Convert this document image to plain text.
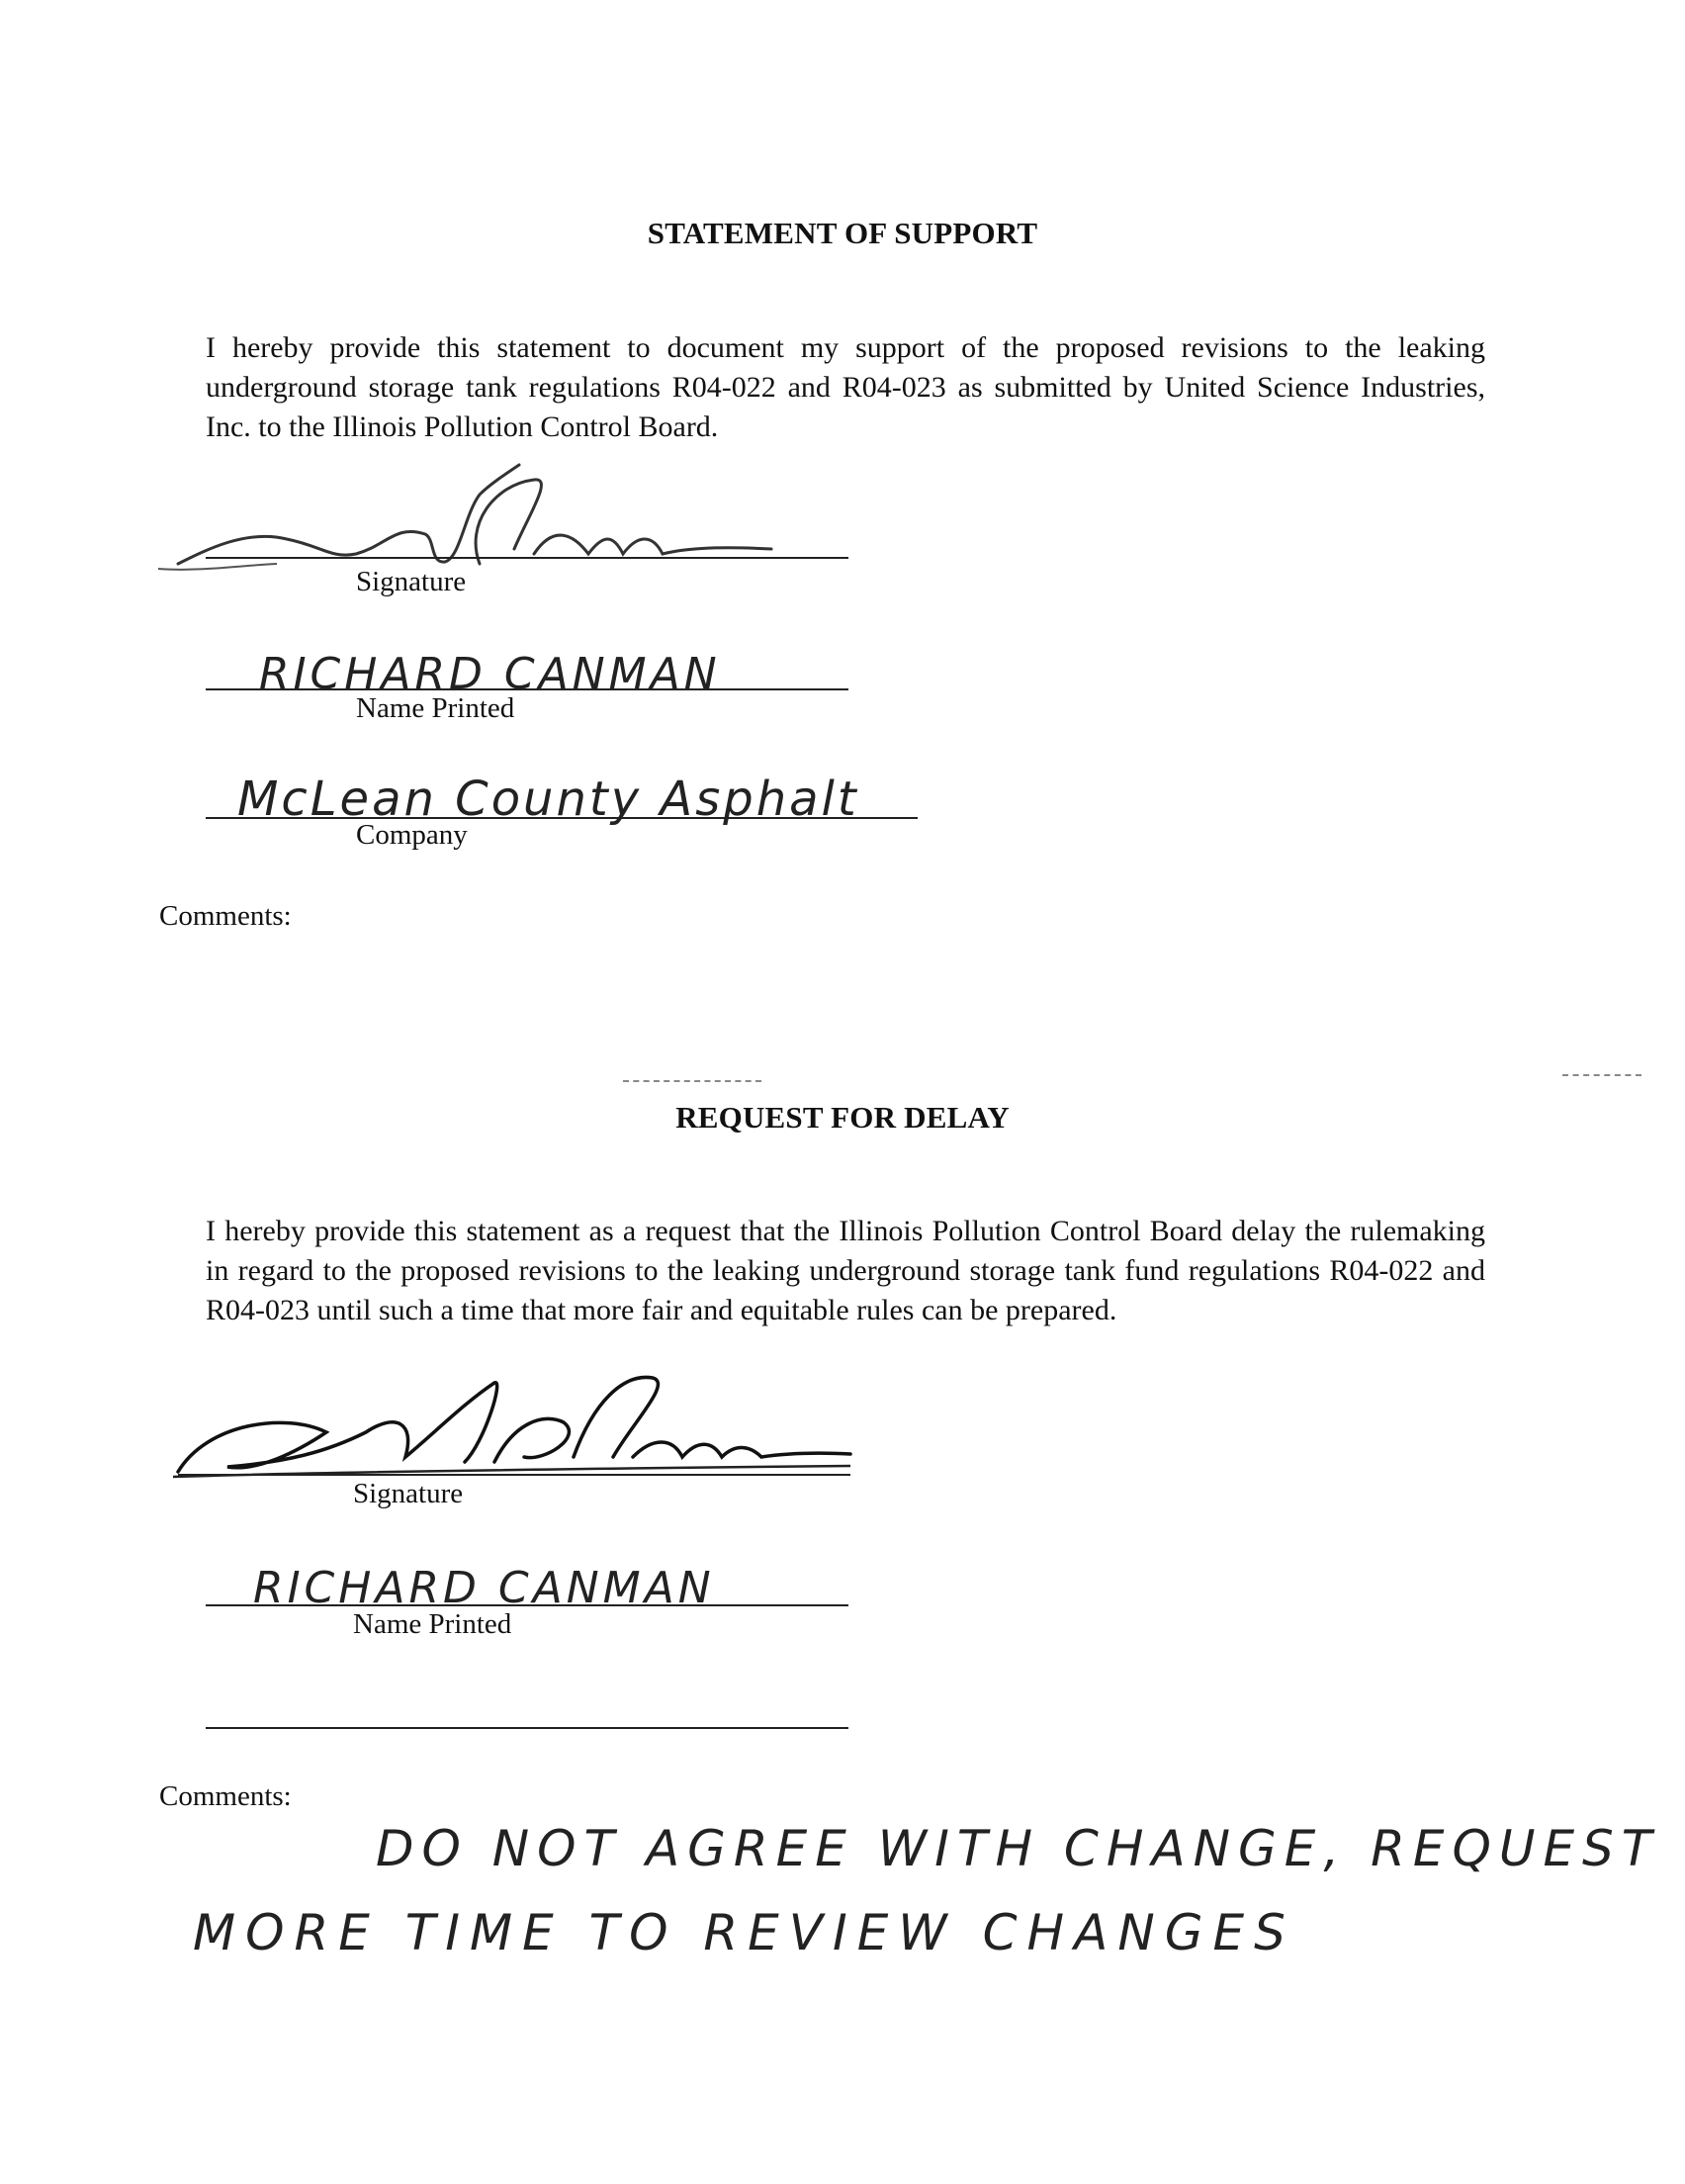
STATEMENT OF SUPPORT
I hereby provide this statement to document my support of the proposed revisions to the leaking underground storage tank regulations R04-022 and R04-023 as submitted by United Science Industries, Inc. to the Illinois Pollution Control Board.
Signature
RICHARD CANMAN
Name Printed
McLean County Asphalt
Company
Comments:
REQUEST FOR DELAY
I hereby provide this statement as a request that the Illinois Pollution Control Board delay the rulemaking in regard to the proposed revisions to the leaking underground storage tank fund regulations R04-022 and R04-023 until such a time that more fair and equitable rules can be prepared.
Signature
RICHARD CANMAN
Name Printed
Comments:
DO NOT AGREE WITH CHANGE, REQUEST
MORE TIME TO REVIEW CHANGES
